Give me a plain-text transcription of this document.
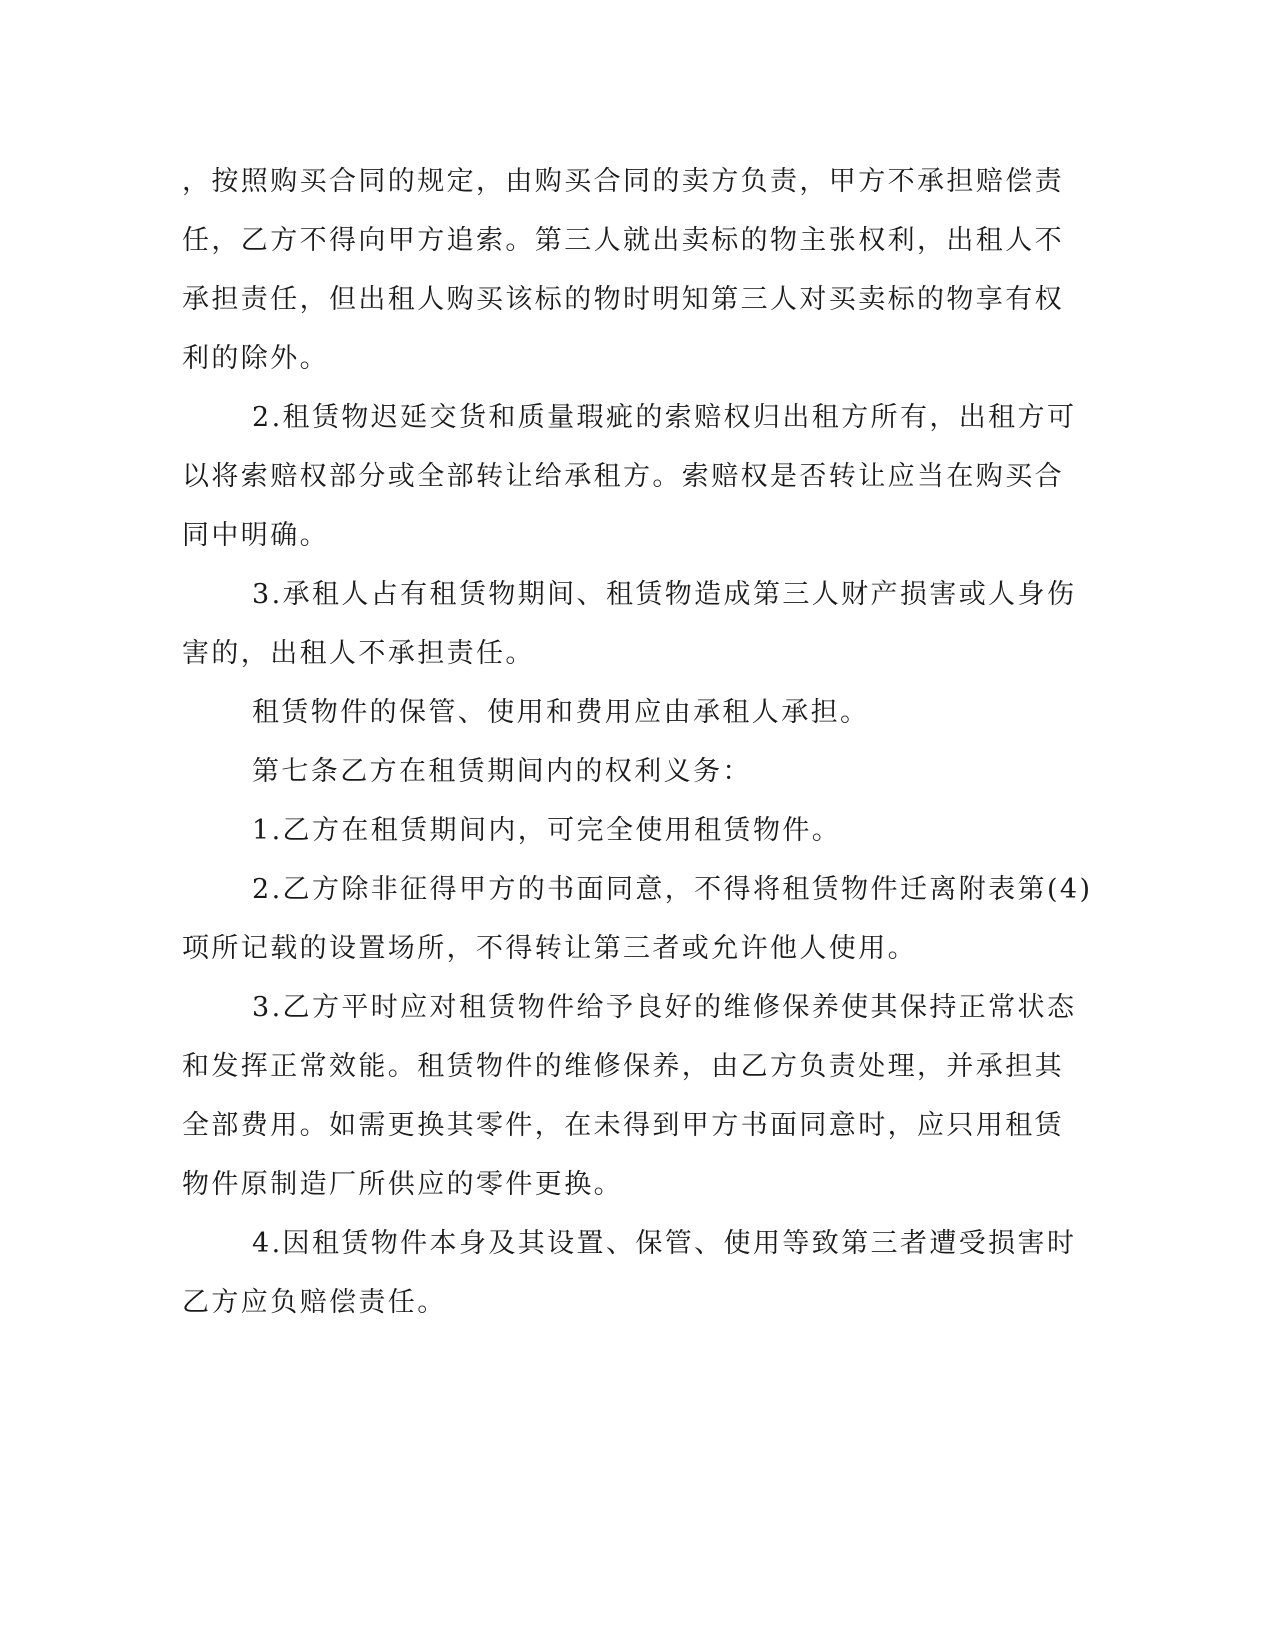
，按照购买合同的规定，由购买合同的卖方负责，甲方不承担赔偿责
任，乙方不得向甲方追索。第三人就出卖标的物主张权利，出租人不
承担责任，但出租人购买该标的物时明知第三人对买卖标的物享有权
利的除外。
2.租赁物迟延交货和质量瑕疵的索赔权归出租方所有，出租方可
以将索赔权部分或全部转让给承租方。索赔权是否转让应当在购买合
同中明确。
3.承租人占有租赁物期间、租赁物造成第三人财产损害或人身伤
害的，出租人不承担责任。
租赁物件的保管、使用和费用应由承租人承担。
第七条乙方在租赁期间内的权利义务：
1.乙方在租赁期间内，可完全使用租赁物件。
2.乙方除非征得甲方的书面同意，不得将租赁物件迁离附表第(4)
项所记载的设置场所，不得转让第三者或允许他人使用。
3.乙方平时应对租赁物件给予良好的维修保养使其保持正常状态
和发挥正常效能。租赁物件的维修保养，由乙方负责处理，并承担其
全部费用。如需更换其零件，在未得到甲方书面同意时，应只用租赁
物件原制造厂所供应的零件更换。
4.因租赁物件本身及其设置、保管、使用等致第三者遭受损害时
乙方应负赔偿责任。
